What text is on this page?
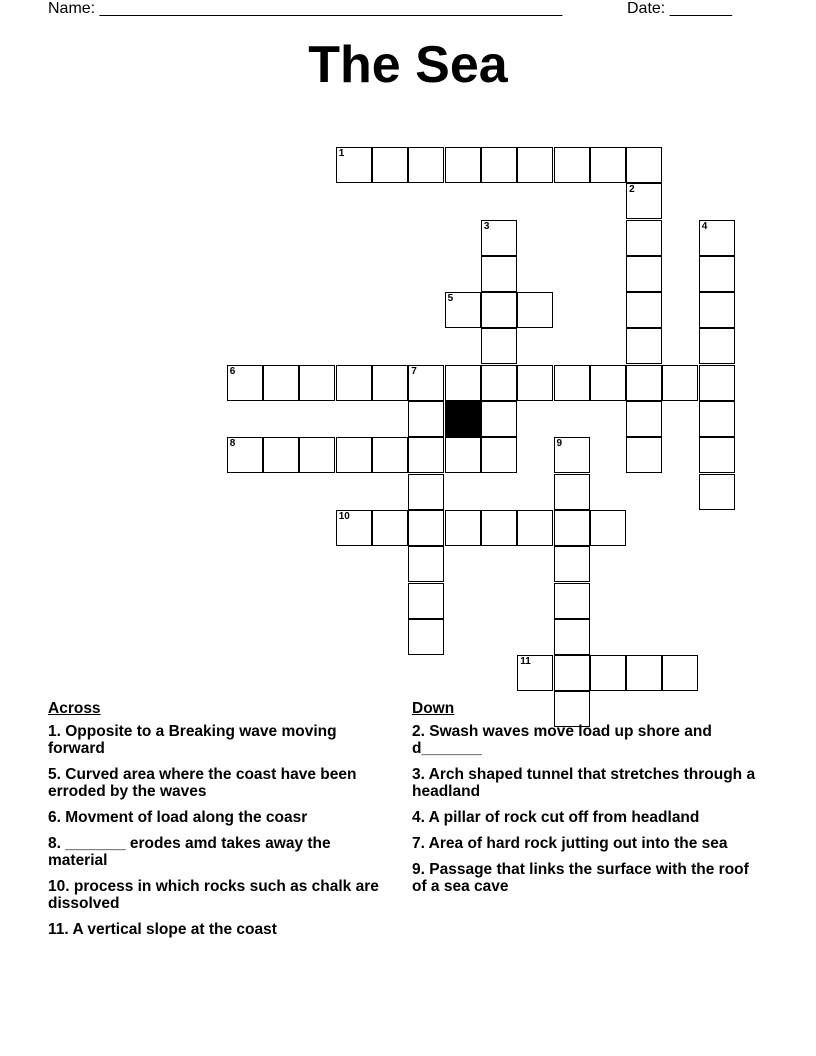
Name: ____________________________________________________	Date: _______
The Sea
1
2
3	4
5
6	7
8	9
10
11
Across
1. Opposite to a Breaking wave moving forward
5. Curved area where the coast have been erroded by the waves
6. Movment of load along the coasr
8. _______ erodes amd takes away the material
10. process in which rocks such as chalk are dissolved
11. A vertical slope at the coast
Down
2. Swash waves move load up shore and d_______
3. Arch shaped tunnel that stretches through a headland
4. A pillar of rock cut off from headland
7. Area of hard rock jutting out into the sea
9. Passage that links the surface with the roof of a sea cave
